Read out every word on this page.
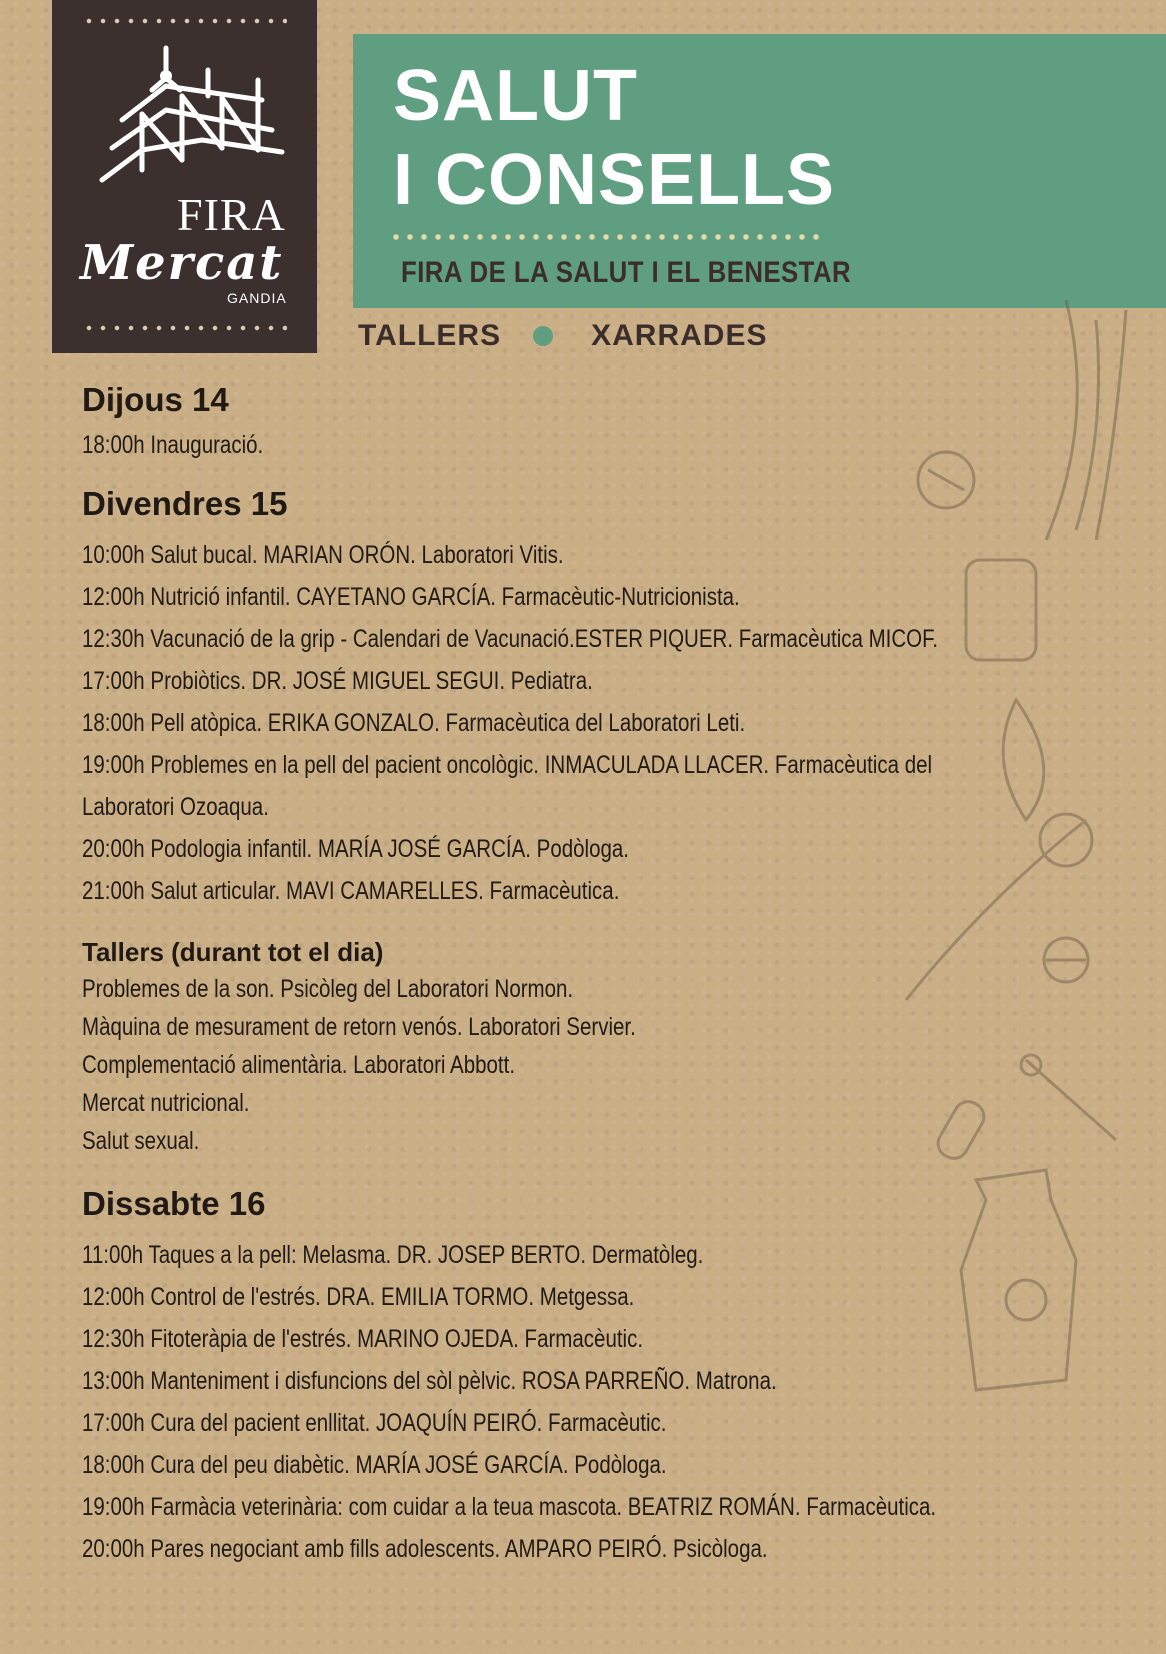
FIRA
Mercat
GANDIA
SALUT
I CONSELLS
FIRA DE LA SALUT I EL BENESTAR
TALLERS	XARRADES
Dijous 14
18:00h Inauguració.
Divendres 15
10:00h Salut bucal. MARIAN ORÓN. Laboratori Vitis.
12:00h Nutrició infantil. CAYETANO GARCÍA. Farmacèutic-Nutricionista.
12:30h Vacunació de la grip - Calendari de Vacunació.ESTER PIQUER. Farmacèutica MICOF.
17:00h Probiòtics. DR. JOSÉ MIGUEL SEGUI. Pediatra.
18:00h Pell atòpica. ERIKA GONZALO. Farmacèutica del Laboratori Leti.
19:00h Problemes en la pell del pacient oncològic. INMACULADA LLACER. Farmacèutica del Laboratori Ozoaqua.
20:00h Podologia infantil. MARÍA JOSÉ GARCÍA. Podòloga.
21:00h Salut articular. MAVI CAMARELLES. Farmacèutica.
Tallers (durant tot el dia)
Problemes de la son. Psicòleg del Laboratori Normon.
Màquina de mesurament de retorn venós. Laboratori Servier.
Complementació alimentària. Laboratori Abbott.
Mercat nutricional.
Salut sexual.
Dissabte 16
11:00h Taques a la pell: Melasma. DR. JOSEP BERTO. Dermatòleg.
12:00h Control de l'estrés. DRA. EMILIA TORMO. Metgessa.
12:30h Fitoteràpia de l'estrés. MARINO OJEDA. Farmacèutic.
13:00h Manteniment i disfuncions del sòl pèlvic. ROSA PARREÑO. Matrona.
17:00h Cura del pacient enllitat. JOAQUÍN PEIRÓ. Farmacèutic.
18:00h Cura del peu diabètic. MARÍA JOSÉ GARCÍA. Podòloga.
19:00h Farmàcia veterinària: com cuidar a la teua mascota. BEATRIZ ROMÁN. Farmacèutica.
20:00h Pares negociant amb fills adolescents. AMPARO PEIRÓ. Psicòloga.
